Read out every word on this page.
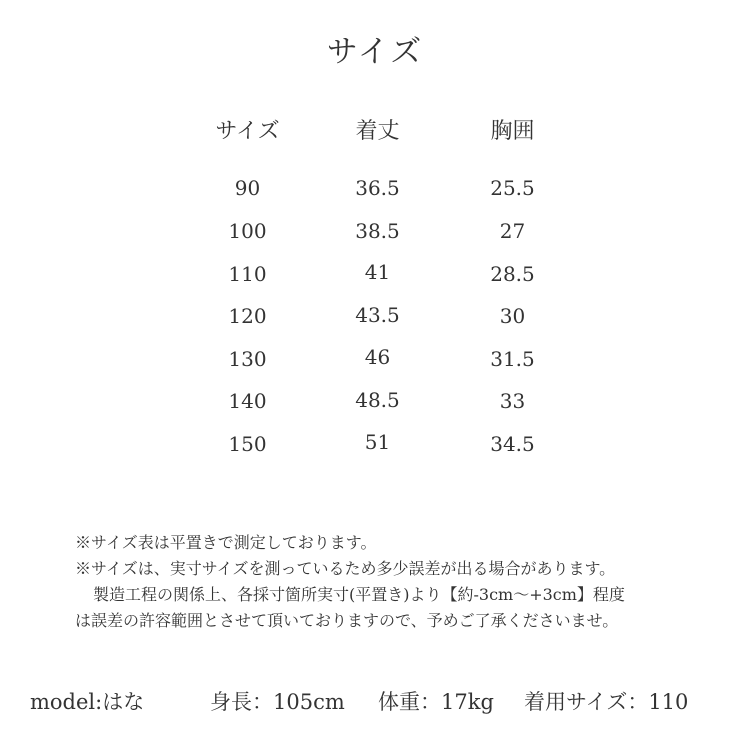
サイズ
サイズ	着丈	胸囲
90	36.5	25.5
100	38.5	27
110	41	28.5
120	43.5	30
130	46	31.5
140	48.5	33
150	51	34.5
※サイズ表は平置きで測定しております。
※サイズは、実寸サイズを測っているため多少誤差が出る場合があります。
製造工程の関係上、各採寸箇所実寸(平置き)より【約-3cm〜+3cm】程度
は誤差の許容範囲とさせて頂いておりますので、予めご了承くださいませ。
model:はな	身長：105cm 体重：17kg 着用サイズ：110
